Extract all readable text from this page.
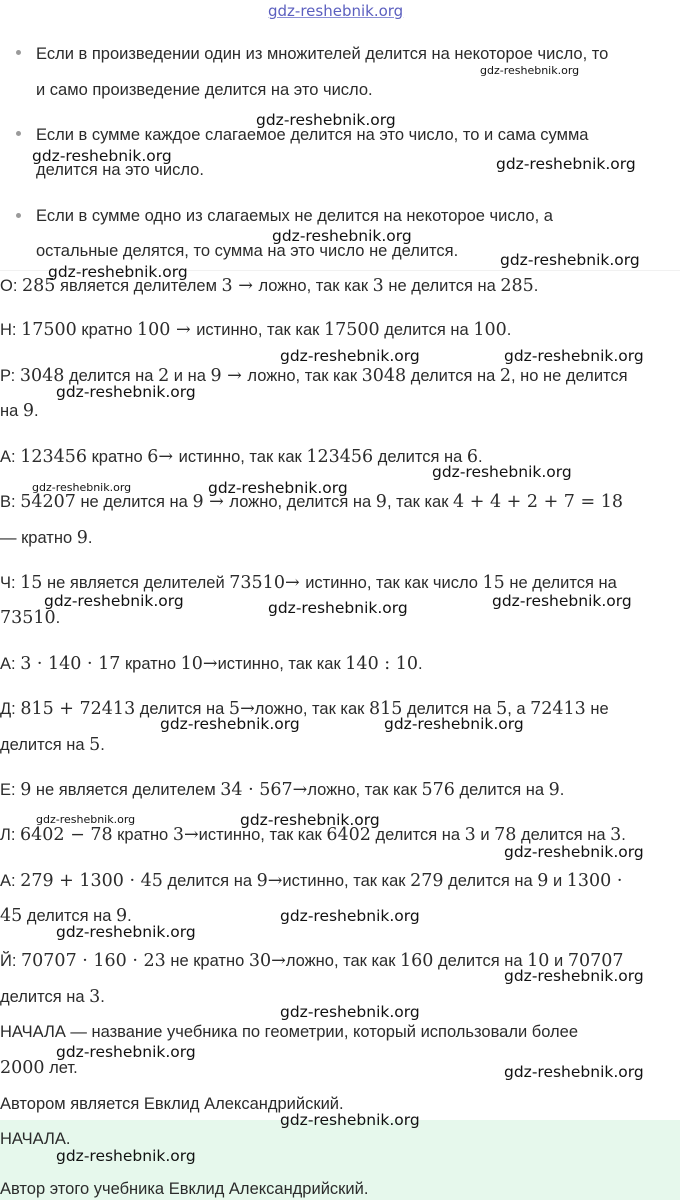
Если в произведении один из множителей делится на некоторое число, то
и само произведение делится на это число.
Если в сумме каждое слагаемое делится на это число, то и сама сумма
делится на это число.
Если в сумме одно из слагаемых не делится на некоторое число, а
остальные делятся, то сумма на это число не делится.
О: 285 является делителем 3 → ложно, так как 3 не делится на 285.
Н: 17500 кратно 100 → истинно, так как 17500 делится на 100.
Р: 3048 делится на 2 и на 9 → ложно, так как 3048 делится на 2, но не делится
на 9.
А: 123456 кратно 6→ истинно, так как 123456 делится на 6.
В: 54207 не делится на 9 → ложно, делится на 9, так как 4 + 4 + 2 + 7 = 18
— кратно 9.
Ч: 15 не является делителей 73510→ истинно, так как число 15 не делится на
73510.
А: 3 · 140 · 17 кратно 10→истинно, так как 140 : 10.
Д: 815 + 72413 делится на 5→ложно, так как 815 делится на 5, а 72413 не
делится на 5.
Е: 9 не является делителем 34 · 567→ложно, так как 576 делится на 9.
Л: 6402 − 78 кратно 3→истинно, так как 6402 делится на 3 и 78 делится на 3.
А: 279 + 1300 · 45 делится на 9→истинно, так как 279 делится на 9 и 1300 ·
45 делится на 9.
Й: 70707 · 160 · 23 не кратно 30→ложно, так как 160 делится на 10 и 70707
делится на 3.
НАЧАЛА — название учебника по геометрии, который использовали более
2000 лет.
Автором является Евклид Александрийский.
НАЧАЛА.
Автор этого учебника Евклид Александрийский.
gdz-reshebnik.org
gdz-reshebnik.org
gdz-reshebnik.org
gdz-reshebnik.org	gdz-reshebnik.org
gdz-reshebnik.org
gdz-reshebnik.org
gdz-reshebnik.org
gdz-reshebnik.org	gdz-reshebnik.org
gdz-reshebnik.org
gdz-reshebnik.org
gdz-reshebnik.org	gdz-reshebnik.org
gdz-reshebnik.org	gdz-reshebnik.org	gdz-reshebnik.org
gdz-reshebnik.org	gdz-reshebnik.org
gdz-reshebnik.org	gdz-reshebnik.org
gdz-reshebnik.org
gdz-reshebnik.org
gdz-reshebnik.org
gdz-reshebnik.org
gdz-reshebnik.org
gdz-reshebnik.org
gdz-reshebnik.org
gdz-reshebnik.org
gdz-reshebnik.org
